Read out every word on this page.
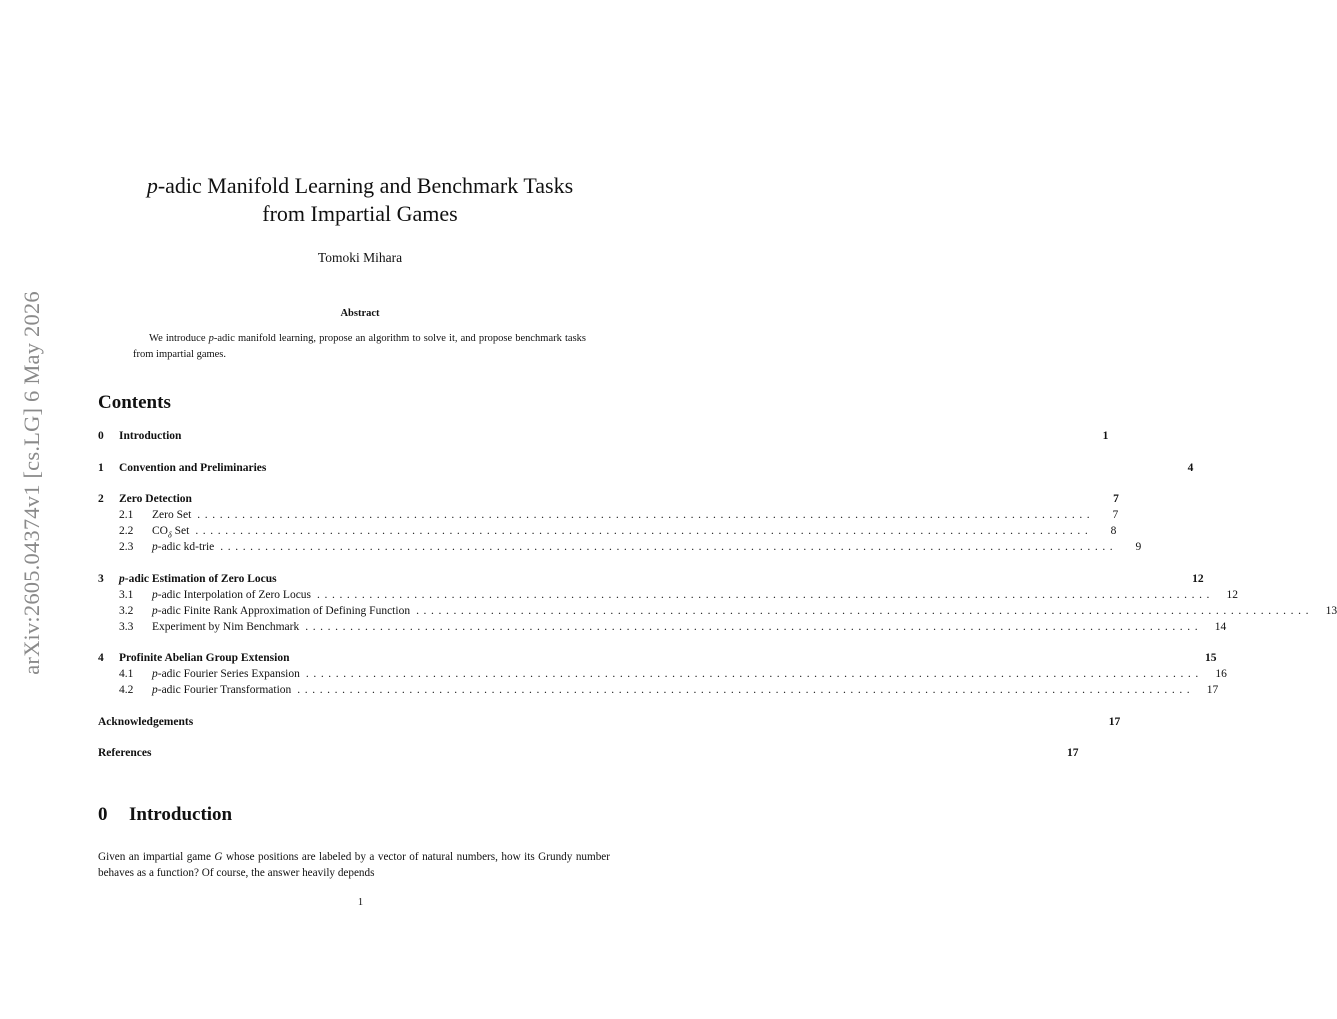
arXiv:2605.04374v1 [cs.LG] 6 May 2026
p-adic Manifold Learning and Benchmark Tasks
from Impartial Games
Tomoki Mihara
Abstract
We introduce p-adic manifold learning, propose an algorithm to solve it, and propose benchmark tasks from impartial games.
Contents
0	Introduction	1
1	Convention and Preliminaries	4
2	Zero Detection	7
2.1	Zero Set ........................................................................................................................	7
2.2	$CO_\delta$ Set ........................................................................................................................	8
2.3	p-adic kd-trie ........................................................................................................................	9
3	p-adic Estimation of Zero Locus	12
3.1	p-adic Interpolation of Zero Locus ........................................................................................................................	12
3.2	p-adic Finite Rank Approximation of Defining Function ........................................................................................................................	13
3.3	Experiment by Nim Benchmark ........................................................................................................................	14
4	Profinite Abelian Group Extension	15
4.1	p-adic Fourier Series Expansion ........................................................................................................................	16
4.2	p-adic Fourier Transformation ........................................................................................................................	17
Acknowledgements	17
References	17
0 Introduction
Given an impartial game G whose positions are labeled by a vector of natural numbers, how its Grundy number behaves as a function? Of course, the answer heavily depends
1
